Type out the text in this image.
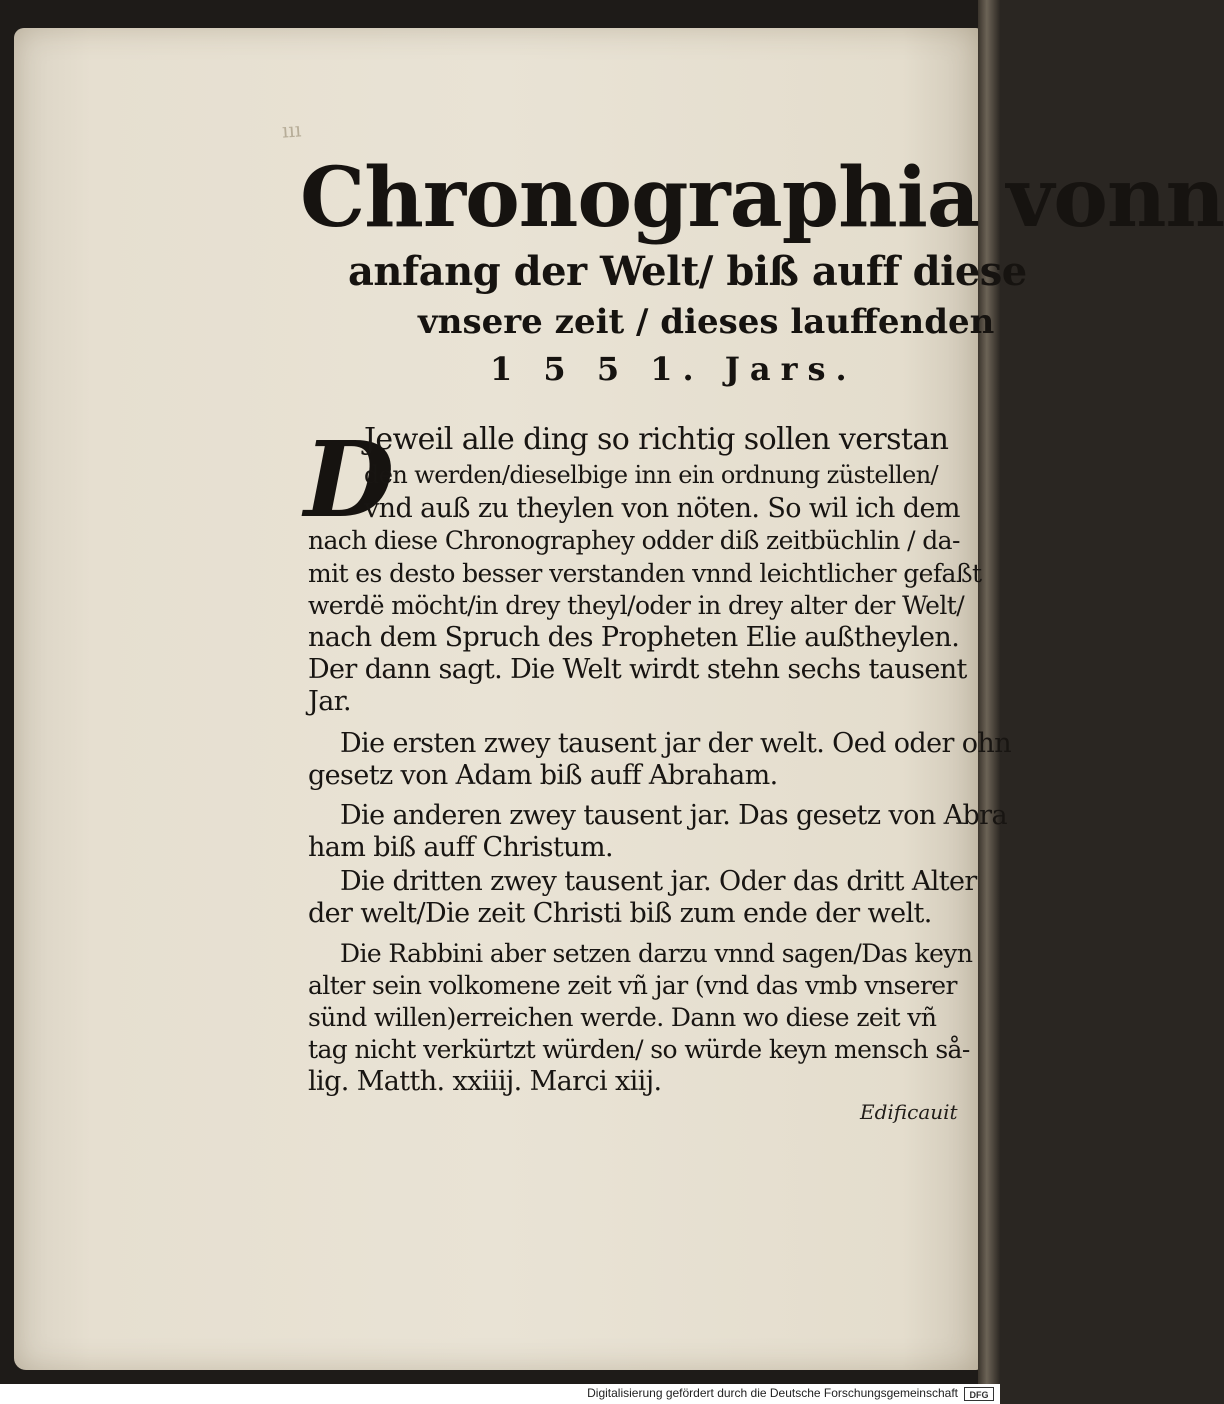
ııı
Chronographia vonn
anfang der Welt/ biß auff diese
vnsere zeit / dieses lauffenden
1 5 5 1. Jars.
D
Jeweil alle ding so richtig sollen verstan
den werden/dieselbige inn ein ordnung züstellen/
vnd auß zu theylen von nöten. So wil ich dem
nach diese Chronographey odder diß zeitbüchlin / da-
mit es desto besser verstanden vnnd leichtlicher gefaßt
werdë möcht/in drey theyl/oder in drey alter der Welt/
nach dem Spruch des Propheten Elie außtheylen.
Der dann sagt. Die Welt wirdt stehn sechs tausent
Jar.
Die ersten zwey tausent jar der welt. Oed oder ohn
gesetz von Adam biß auff Abraham.
Die anderen zwey tausent jar. Das gesetz von Abra
ham biß auff Christum.
Die dritten zwey tausent jar. Oder das dritt Alter
der welt/Die zeit Christi biß zum ende der welt.
Die Rabbini aber setzen darzu vnnd sagen/Das keyn
alter sein volkomene zeit vñ jar (vnd das vmb vnserer
sünd willen)erreichen werde. Dann wo diese zeit vñ
tag nicht verkürtzt würden/ so würde keyn mensch så-
lig. Matth. xxiiij. Marci xiij.
Edificauit
Digitalisierung gefördert durch die Deutsche Forschungsgemeinschaft	DFG
